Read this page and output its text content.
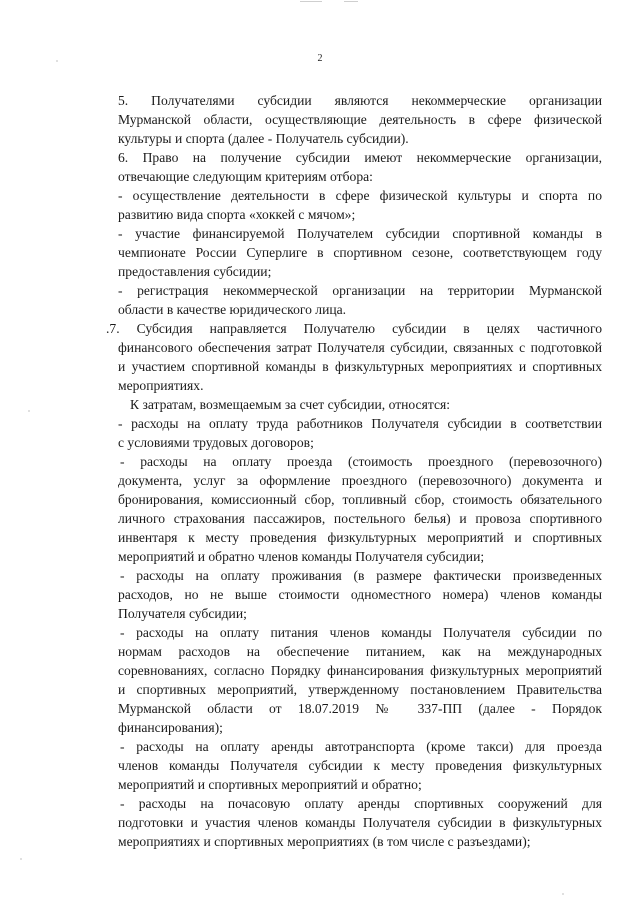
2
5. Получателями субсидии являются некоммерческие организации
Мурманской области, осуществляющие деятельность в сфере физической
культуры и спорта (далее - Получатель субсидии).
6. Право на получение субсидии имеют некоммерческие организации,
отвечающие следующим критериям отбора:
- осуществление деятельности в сфере физической культуры и спорта по
развитию вида спорта «хоккей с мячом»;
- участие финансируемой Получателем субсидии спортивной команды в
чемпионате России Суперлиге в спортивном сезоне, соответствующем году
предоставления субсидии;
- регистрация некоммерческой организации на территории Мурманской
области в качестве юридического лица.
.7. Субсидия направляется Получателю субсидии в целях частичного
финансового обеспечения затрат Получателя субсидии, связанных с подготовкой
и участием спортивной команды в физкультурных мероприятиях и спортивных
мероприятиях.
К затратам, возмещаемым за счет субсидии, относятся:
- расходы на оплату труда работников Получателя субсидии в соответствии
с условиями трудовых договоров;
- расходы на оплату проезда (стоимость проездного (перевозочного)
документа, услуг за оформление проездного (перевозочного) документа и
бронирования, комиссионный сбор, топливный сбор, стоимость обязательного
личного страхования пассажиров, постельного белья) и провоза спортивного
инвентаря к месту проведения физкультурных мероприятий и спортивных
мероприятий и обратно членов команды Получателя субсидии;
- расходы на оплату проживания (в размере фактически произведенных
расходов, но не выше стоимости одноместного номера) членов команды
Получателя субсидии;
- расходы на оплату питания членов команды Получателя субсидии по
нормам расходов на обеспечение питанием, как на международных
соревнованиях, согласно Порядку финансирования физкультурных мероприятий
и спортивных мероприятий, утвержденному постановлением Правительства
Мурманской области от 18.07.2019 № 337-ПП (далее - Порядок
финансирования);
- расходы на оплату аренды автотранспорта (кроме такси) для проезда
членов команды Получателя субсидии к месту проведения физкультурных
мероприятий и спортивных мероприятий и обратно;
- расходы на почасовую оплату аренды спортивных сооружений для
подготовки и участия членов команды Получателя субсидии в физкультурных
мероприятиях и спортивных мероприятиях (в том числе с разъездами);
